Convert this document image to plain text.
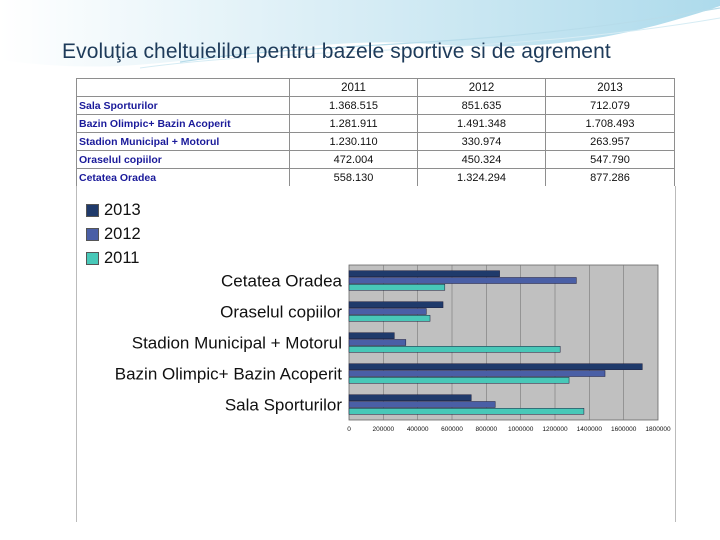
Evoluţia cheltuielilor pentru bazele sportive si de agrement
	2011	2012	2013
Sala Sporturilor	1.368.515	851.635	712.079
Bazin Olimpic+ Bazin Acoperit	1.281.911	1.491.348	1.708.493
Stadion Municipal + Motorul	1.230.110	330.974	263.957
Oraselul copiilor	472.004	450.324	547.790
Cetatea Oradea	558.130	1.324.294	877.286
2013
2012
2011
0	200000 400000 600000 800000 1000000 1200000 1400000 1600000 1800000
Cetatea Oradea
Oraselul copiilor
Stadion Municipal + Motorul
Bazin Olimpic+ Bazin Acoperit
Sala Sporturilor
